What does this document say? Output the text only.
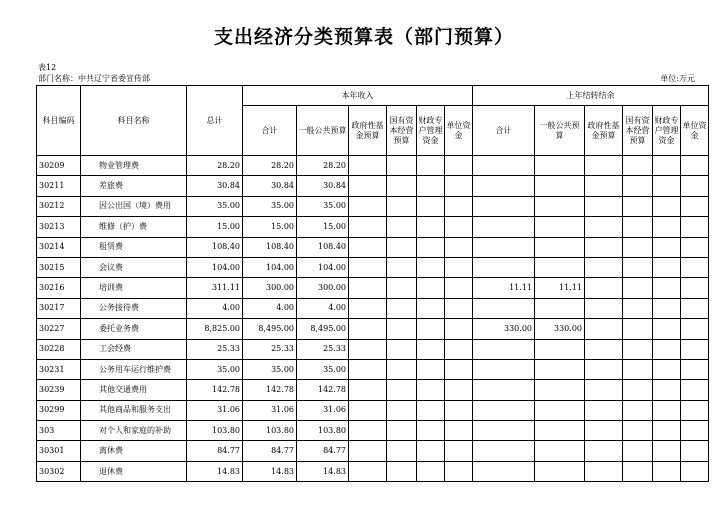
支出经济分类预算表（部门预算）
表12
部门名称：中共辽宁省委宣传部	单位:万元
科目编码	科目名称	总计	本年收入						上年结转结余					
			合计	一般公共预算	政府性基金预算	国有资本经营预算	财政专户管理资金	单位资金	合计	一般公共预算	政府性基金预算	国有资本经营预算	财政专户管理资金	单位资金
30209	物业管理费	28.20	28.20	28.20										
30211	差旅费	30.84	30.84	30.84										
30212	因公出国（境）费用	35.00	35.00	35.00										
30213	维修（护）费	15.00	15.00	15.00										
30214	租赁费	108.40	108.40	108.40										
30215	会议费	104.00	104.00	104.00										
30216	培训费	311.11	300.00	300.00					11.11	11.11				
30217	公务接待费	4.00	4.00	4.00										
30227	委托业务费	8,825.00	8,495.00	8,495.00					330.00	330.00				
30228	工会经费	25.33	25.33	25.33										
30231	公务用车运行维护费	35.00	35.00	35.00										
30239	其他交通费用	142.78	142.78	142.78										
30299	其他商品和服务支出	31.06	31.06	31.06										
303	对个人和家庭的补助	103.80	103.80	103.80										
30301	离休费	84.77	84.77	84.77										
30302	退休费	14.83	14.83	14.83										
